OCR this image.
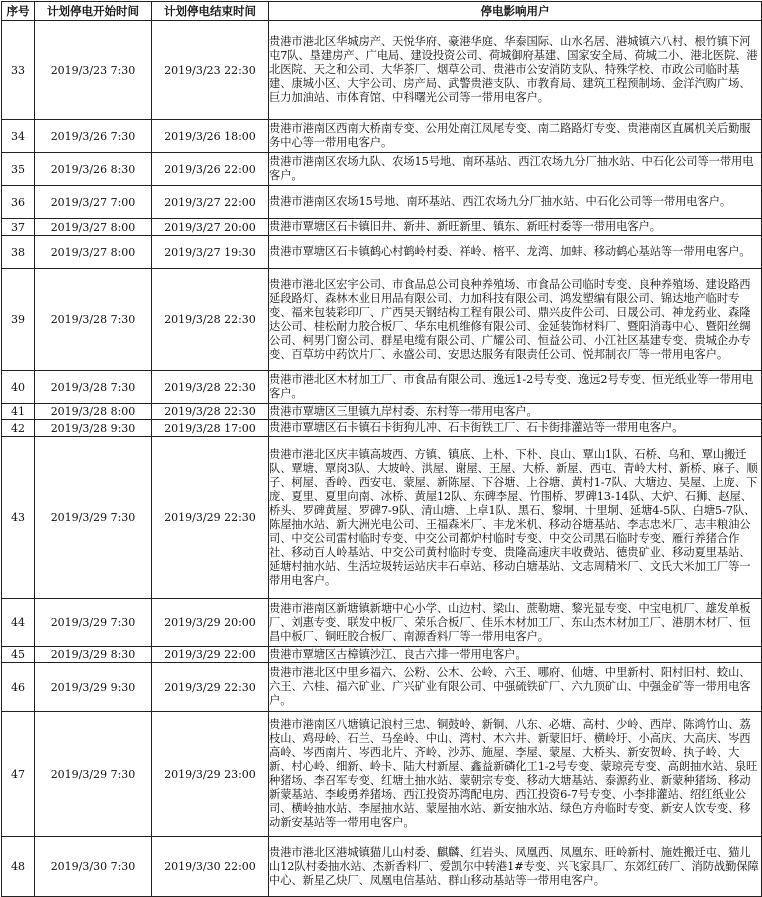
序号	计划停电开始时间	计划停电结束时间	停电影响用户
33	2019/3/23 7:30	2019/3/23 22:30	贵港市港北区华城房产、天悦华府、豪港华庭、华泰国际、山水名居、港城镇六八村、根竹镇下河屯7队、垦建房产、广电局、建设投资公司、荷城御府基建、国家安全局、荷城二小、港北医院、港北医院、天之和公司、大华茶厂、烟草公司、贵港市公安消防支队、特殊学校、市政公司临时基建、康城小区、大宇公司、房产局、武警贵港支队、市教育局、建筑工程预制场、金洋汽购广场、巨力加油站、市体育馆、中科曙光公司等一带用电客户。
34	2019/3/26 7:30	2019/3/26 18:00	贵港市港南区西南大桥南专变、公用处南江凤尾专变、南二路路灯专变、贵港南区直属机关后勤服务中心等一带用电客户。
35	2019/3/26 8:30	2019/3/26 22:00	贵港市港南区农场九队、农场15号地、南环基站、西江农场九分厂抽水站、中石化公司等一带用电客户。
36	2019/3/27 7:00	2019/3/27 22:00	贵港市港南区农场15号地、南环基站、西江农场九分厂抽水站、中石化公司等一带用电客户。
37	2019/3/27 8:00	2019/3/27 20:00	贵港市覃塘区石卡镇旧井、新井、新旺新里、镇东、新旺村委等一带用电客户。
38	2019/3/27 8:00	2019/3/27 19:30	贵港市覃塘区石卡镇鹤心村鹤岭村委、祥岭、榕平、龙湾、加蚌、移动鹤心基站等一带用电客户。
39	2019/3/28 7:30	2019/3/28 22:30	贵港市港北区宏宇公司、市食品总公司良种养殖场、市食品公司临时专变、良种养殖场、建设路西延段路灯、森林木业日用品有限公司、力加科技有限公司、鸿发塑编有限公司、锦达地产临时专变、福来包装彩印厂、广西昊天钢结构工程有限公司、鼎兴皮件公司、日晟公司、神龙药业、森隆达公司、桂松耐力胶合板厂、华东电机维修有限公司、金延装饰材料厂、暨阳消毒中心、暨阳丝绸公司、柯男门窗公司、群星电缆有限公司、广耀公司、恒益公司、小江社区基建专变、贵城企办专变、百草坊中药饮片厂、永盛公司、安思达服务有限责任公司、悦邦制衣厂等一带用电客户。
40	2019/3/28 7:30	2019/3/28 22:30	贵港市港北区木材加工厂、市食品有限公司、逸远1-2号专变、逸远2号专变、恒光纸业等一带用电客户。
41	2019/3/28 8:00	2019/3/28 22:30	贵港市覃塘区三里镇九岸村委、东村等一带用电客户。
42	2019/3/28 9:30	2019/3/28 17:00	贵港市覃塘区石卡镇石卡街狗儿冲、石卡街铁工厂、石卡街排灌站等一带用电客户。
43	2019/3/29 7:30	2019/3/29 22:30	贵港市港北区庆丰镇高坡西、方镇、镇底、上朴、下朴、良山、覃山1队、石桥、乌和、覃山搬迁队、覃塘、覃岗3队、大坡岭、洪屋、谢屋、王屋、大桥、新屋、西屯、青岭大村、新桥、麻子、顺子、柯屋、香岭、西安屯、蒙屋、新陈屋、下谷塘、上谷塘、黄村1-7队、大塘边、吴屋、上庞、下庞、夏里、夏里向南、冰桥、黄屋12队、东碑李屋、竹围桥、罗碑13-14队、大炉、石狮、赵屋、桥头、罗碑黄屋、罗碑7-9队、清山塘、上卓1队、黑石、黎垌、十里垌、延塘4-5队、白塘5-7队、陈屋抽水站、新大洲光电公司、王福森米厂、丰龙米机、移动谷塘基站、李志忠米厂、志丰粮油公司、中交公司雷村临时专变、中交公司都炉村临时专变、中交公司黑石临时专变、雁行养猪合作社、移动百人岭基站、中交公司黄村临时专变、贵隆高速庆丰收费站、德贵矿业、移动夏里基站、延塘村抽水站、生活垃圾转运站庆丰石卓站、移动白塘基站、文志周精米厂、文氏大米加工厂等一带用电客户。
44	2019/3/29 7:30	2019/3/29 20:00	贵港市港南区新塘镇新塘中心小学、山边村、梁山、蔗勒塘、黎光显专变、中宝电机厂、雄发单板厂、刘惠专变、联发中板厂、荣乐合板厂、佳乐木材加工厂、东山杰木材加工厂、港朋木材厂、恒昌中板厂、铜旺胶合板厂、南源香料厂等一带用电客户。
45	2019/3/29 8:30	2019/3/29 22:00	贵港市覃塘区古樟镇沙江、良古六排一带用电客户。
46	2019/3/29 9:30	2019/3/29 22:30	贵港市港北区中里乡福六、公粉、公木、公岭、六王、哪府、仙塘、中里新村、阳村旧村、蛟山、六王、六桂、福六矿业、广兴矿业有限公司、中强硫铁矿厂、六九顶矿山、中强金矿等一带用电客户。
47	2019/3/29 7:30	2019/3/29 23:00	贵港市港南区八塘镇记浪村三忠、铜鼓岭、新铜、八东、必塘、高村、少岭、西岸、陈鸿竹山、荔枝山、鸡母岭、石兰、马垒岭、中山、湾村、木六井、新蒙旧圩、横岭圩、小高庆、大高庆、岑西高岭、岑西南片、岑西北片、齐岭、沙苏、施屋、李屋、蒙屋、大桥头、新安贺岭、执子岭、大新、村心岭、细新、岭卡、陆大村新屋、鑫益新磷化工1-2号专变、蒙琼亮专变、高朗抽水站、泉旺种猪场、李召军专变、红塘土抽水站、蒙朝宗专变、移动大塘基站、泰源药业、新蒙种猪场、移动新蒙基站、李峻勇养猪场、西江投资苏湾配电房、西江投资6-7号专变、小李排灌站、绍红纸业公司、横岭抽水站、李屋抽水站、蒙屋抽水站、新安抽水站、绿色方舟临时专变、新安人饮专变、移动新安基站等一带用电客户。
48	2019/3/30 7:30	2019/3/30 22:00	贵港市港北区港城镇猫儿山村委、麒麟、红岩头、凤凰西、凤凰东、旺岭新村、施姓搬迁屯、猫儿山12队村委抽水站、杰新香料厂、爱凯尔中转港1#专变、兴飞家具厂、东郊红砖厂、消防战勤保障中心、新星乙炔厂、凤凰电信基站、群山移动基站等一带用电客户。
